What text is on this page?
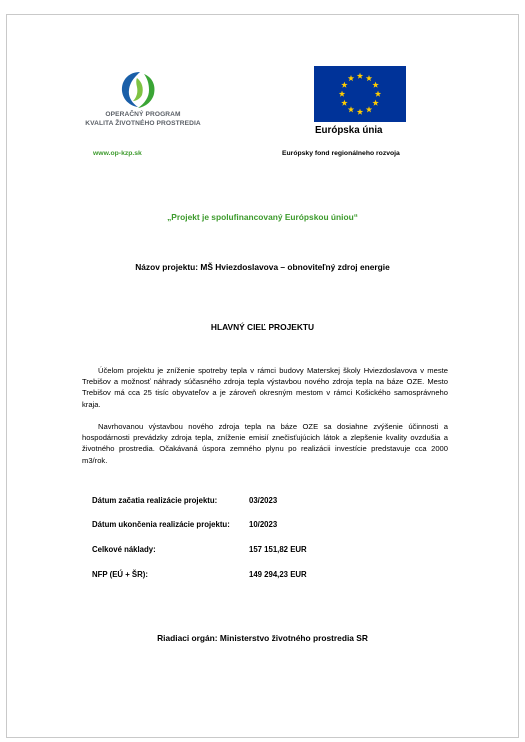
OPERAČNÝ PROGRAM
KVALITA ŽIVOTNÉHO PROSTREDIA
Európska únia
www.op-kzp.sk	Európsky fond regionálneho rozvoja
„Projekt je spolufinancovaný Európskou úniou“
Názov projektu: MŠ Hviezdoslavova – obnoviteľný zdroj energie
HLAVNÝ CIEĽ PROJEKTU

Účelom projektu je zníženie spotreby tepla v rámci budovy Materskej školy Hviezdoslavova v meste Trebišov a možnosť náhrady súčasného zdroja tepla výstavbou nového zdroja tepla na báze OZE. Mesto Trebišov má cca 25 tisíc obyvateľov a je zároveň okresným mestom v rámci Košického samosprávneho kraja.

Navrhovanou výstavbou nového zdroja tepla na báze OZE sa dosiahne zvýšenie účinnosti a hospodárnosti prevádzky zdroja tepla, zníženie emisií znečisťujúcich látok a zlepšenie kvality ovzdušia a životného prostredia. Očakávaná úspora zemného plynu po realizácii investície predstavuje cca 2000 m3/rok.

Dátum začatia realizácie projektu:	03/2023
Dátum ukončenia realizácie projektu: 10/2023
Celkové náklady:	157 151,82 EUR
NFP (EÚ + ŠR):	149 294,23 EUR
Riadiaci orgán: Ministerstvo životného prostredia SR
